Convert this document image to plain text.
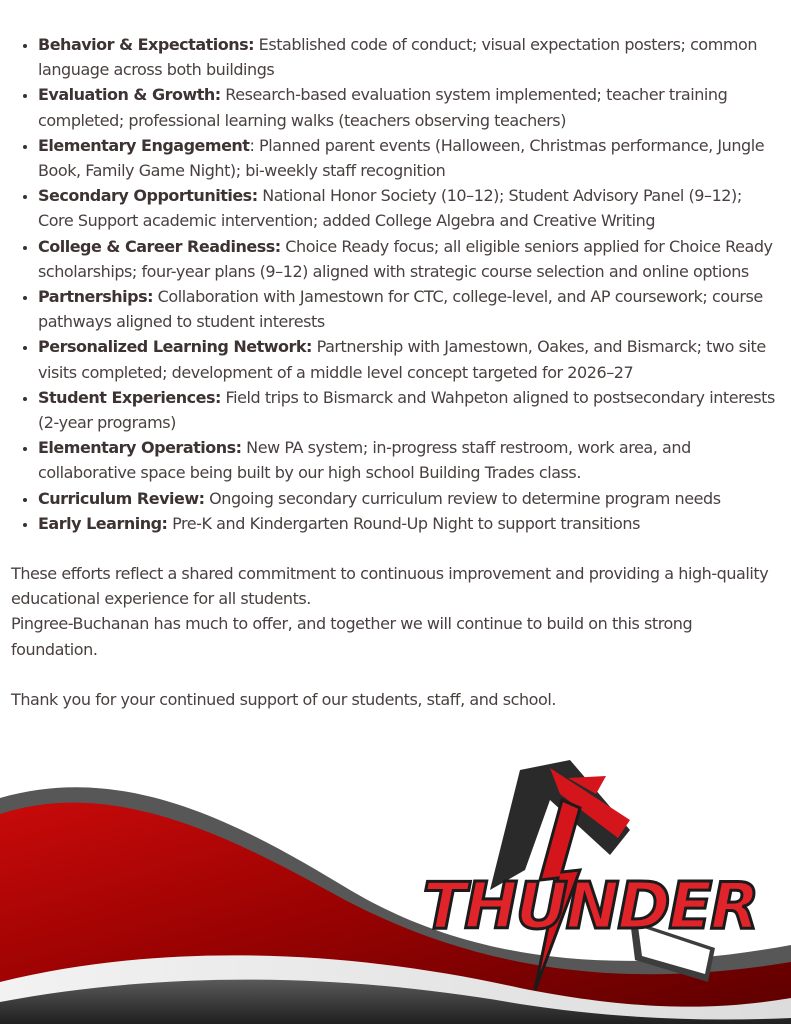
• Behavior & Expectations: Established code of conduct; visual expectation posters; common language across both buildings
• Evaluation & Growth: Research-based evaluation system implemented; teacher training completed; professional learning walks (teachers observing teachers)
• Elementary Engagement: Planned parent events (Halloween, Christmas performance, Jungle Book, Family Game Night); bi-weekly staff recognition
• Secondary Opportunities: National Honor Society (10–12); Student Advisory Panel (9–12); Core Support academic intervention; added College Algebra and Creative Writing
• College & Career Readiness: Choice Ready focus; all eligible seniors applied for Choice Ready scholarships; four-year plans (9–12) aligned with strategic course selection and online options
• Partnerships: Collaboration with Jamestown for CTC, college-level, and AP coursework; course pathways aligned to student interests
• Personalized Learning Network: Partnership with Jamestown, Oakes, and Bismarck; two site visits completed; development of a middle level concept targeted for 2026–27
• Student Experiences: Field trips to Bismarck and Wahpeton aligned to postsecondary interests (2-year programs)
• Elementary Operations: New PA system; in-progress staff restroom, work area, and collaborative space being built by our high school Building Trades class.
• Curriculum Review: Ongoing secondary curriculum review to determine program needs
• Early Learning: Pre-K and Kindergarten Round-Up Night to support transitions

These efforts reflect a shared commitment to continuous improvement and providing a high-quality educational experience for all students.

Pingree-Buchanan has much to offer, and together we will continue to build on this strong foundation.

Thank you for your continued support of our students, staff, and school.

THUNDER
